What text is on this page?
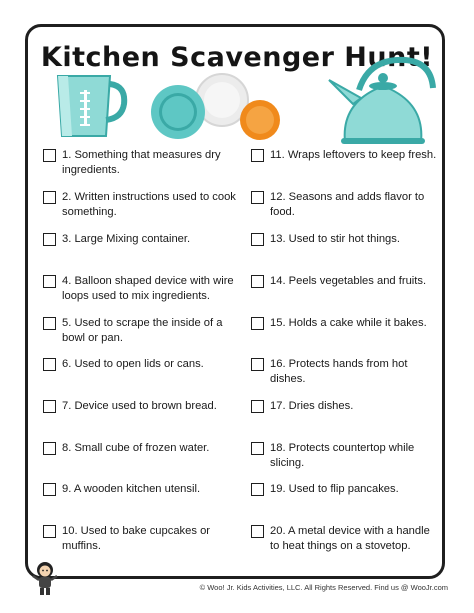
Kitchen Scavenger Hunt!
1. Something that measures dry ingredients.
2. Written instructions used to cook something.
3. Large Mixing container.
4. Balloon shaped device with wire loops used to mix ingredients.
5. Used to scrape the inside of a bowl or pan.
6. Used to open lids or cans.
7. Device used to brown bread.
8. Small cube of frozen water.
9. A wooden kitchen utensil.
10. Used to bake cupcakes or muffins.
11. Wraps leftovers to keep fresh.
12. Seasons and adds flavor to food.
13. Used to stir hot things.
14. Peels vegetables and fruits.
15. Holds a cake while it bakes.
16. Protects hands from hot dishes.
17. Dries dishes.
18. Protects countertop while slicing.
19. Used to flip pancakes.
20. A metal device with a handle to heat things on a stovetop.
© Woo! Jr. Kids Activities, LLC. All Rights Reserved. Find us @ WooJr.com
